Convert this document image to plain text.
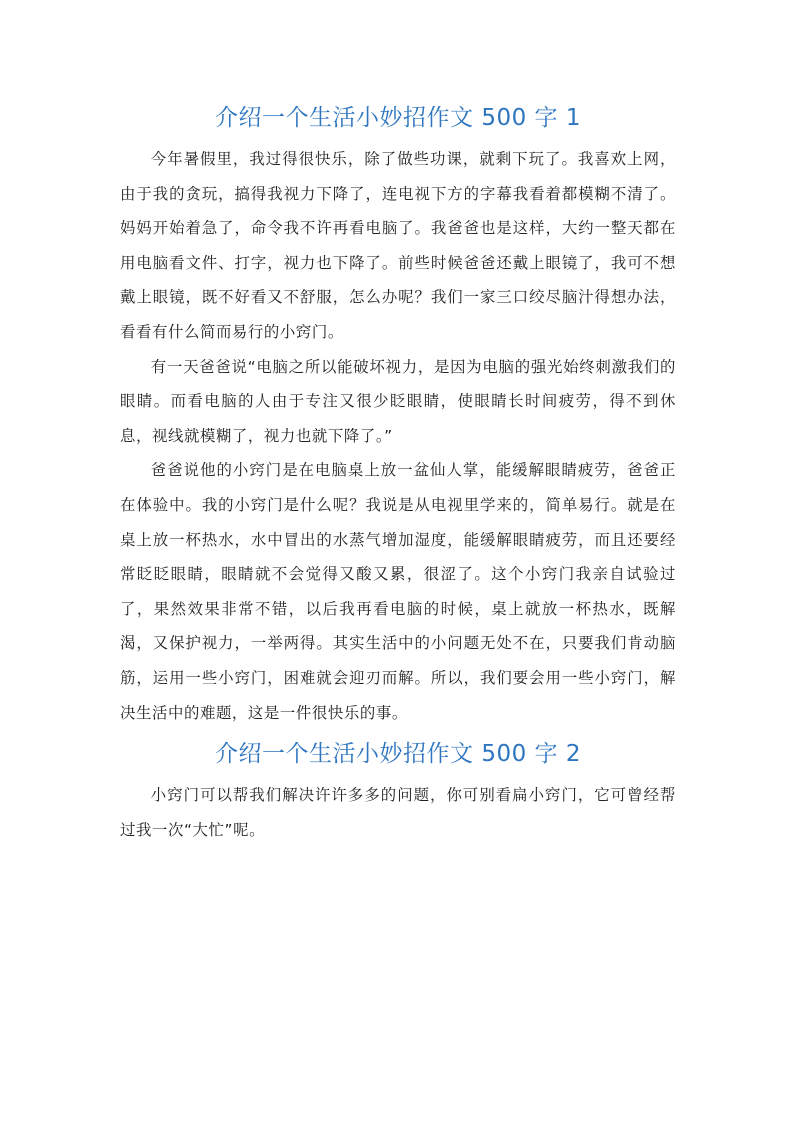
介绍一个生活小妙招作文 500 字 1

今年暑假里，我过得很快乐，除了做些功课，就剩下玩了。我喜欢上网，由于我的贪玩，搞得我视力下降了，连电视下方的字幕我看着都模糊不清了。妈妈开始着急了，命令我不许再看电脑了。我爸爸也是这样，大约一整天都在用电脑看文件、打字，视力也下降了。前些时候爸爸还戴上眼镜了，我可不想戴上眼镜，既不好看又不舒服，怎么办呢？我们一家三口绞尽脑汁得想办法，看看有什么简而易行的小窍门。

有一天爸爸说“电脑之所以能破坏视力，是因为电脑的强光始终刺激我们的眼睛。而看电脑的人由于专注又很少眨眼睛，使眼睛长时间疲劳，得不到休息，视线就模糊了，视力也就下降了。”

爸爸说他的小窍门是在电脑桌上放一盆仙人掌，能缓解眼睛疲劳，爸爸正在体验中。我的小窍门是什么呢？我说是从电视里学来的，简单易行。就是在桌上放一杯热水，水中冒出的水蒸气增加湿度，能缓解眼睛疲劳，而且还要经常眨眨眼睛，眼睛就不会觉得又酸又累，很涩了。这个小窍门我亲自试验过了，果然效果非常不错，以后我再看电脑的时候，桌上就放一杯热水，既解渴，又保护视力，一举两得。其实生活中的小问题无处不在，只要我们肯动脑筋，运用一些小窍门，困难就会迎刃而解。所以，我们要会用一些小窍门，解决生活中的难题，这是一件很快乐的事。

介绍一个生活小妙招作文 500 字 2

小窍门可以帮我们解决许许多多的问题，你可别看扁小窍门，它可曾经帮过我一次“大忙”呢。
